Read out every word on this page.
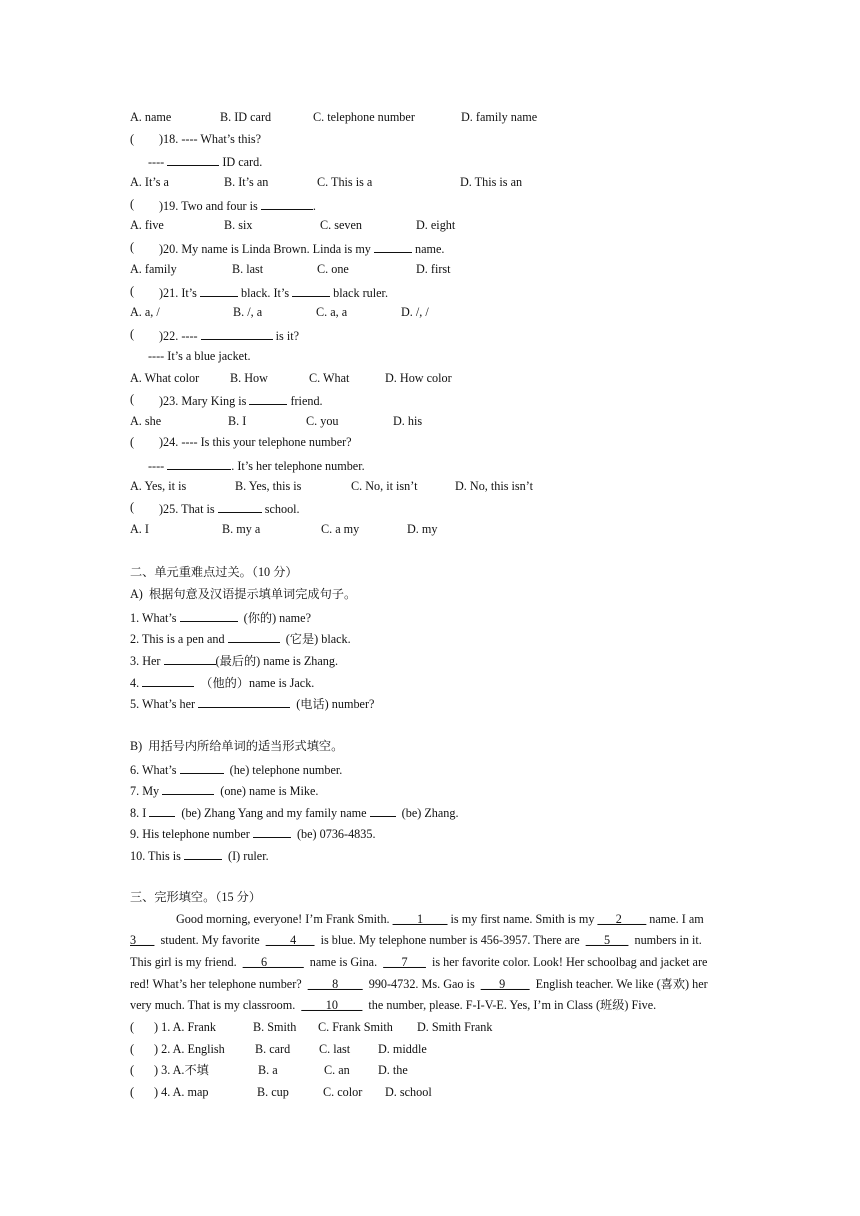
A. name	B. ID card	C. telephone number	D. family name
( )18. ---- What’s this?
----	ID card.
A. It’s a	B. It’s an	C. This is a	D. This is an
( )19. Two and four is	.
A. five	B. six	C. seven	D. eight
( )20. My name is Linda Brown. Linda is my	name.
A. family	B. last	C. one	D. first
( )21. It’s	black. It’s	black ruler.
A. a, /	B. /, a	C. a, a	D. /, /
( )22. ----	is it?
---- It’s a blue jacket.
A. What color	B. How	C. What	D. How color
( )23. Mary King is	friend.
A. she	B. I	C. you	D. his
( )24. ---- Is this your telephone number?
----	. It’s her telephone number.
A. Yes, it is	B. Yes, this is	C. No, it isn’t	D. No, this isn’t
( )25. That is	school.
A. I	B. my a	C. a my	D. my
二、单元重难点过关。（10 分）
A)  根据句意及汉语提示填单词完成句子。
1. What’s	(你的) name?
2. This is a pen and	(它是) black.
3. Her	(最后的) name is Zhang.
4.	（他的）name is Jack.
5. What’s her	(电话) number?
B)  用括号内所给单词的适当形式填空。
6. What’s	(he) telephone number.
7. My	(one) name is Mike.
8. I	(be) Zhang Yang and my family name	(be) Zhang.
9. His telephone number	(be) 0736-4835.
10. This is	(I) ruler.
三、完形填空。（15 分）
Good morning, everyone! I’m Frank Smith. ____1____ is my first name. Smith is my ___2____ name. I am
3___ student. My favorite ____4___ is blue. My telephone number is 456-3957. There are ___5___ numbers in it.
This girl is my friend. ___6______ name is Gina. ___7___ is her favorite color. Look! Her schoolbag and jacket are
red! What’s her telephone number? ____8____ 990-4732. Ms. Gao is ___9____ English teacher. We like (喜欢) her
very much. That is my classroom. ____10____ the number, please. F-I-V-E. Yes, I’m in Class (班级) Five.
( ) 1. A. Frank	B. Smith C. Frank Smith D. Smith Frank
( ) 2. A. English B. card C. last D. middle
( ) 3. A.不填	B. a	C. an D. the
( ) 4. A. map	B. cup	C. color D. school
